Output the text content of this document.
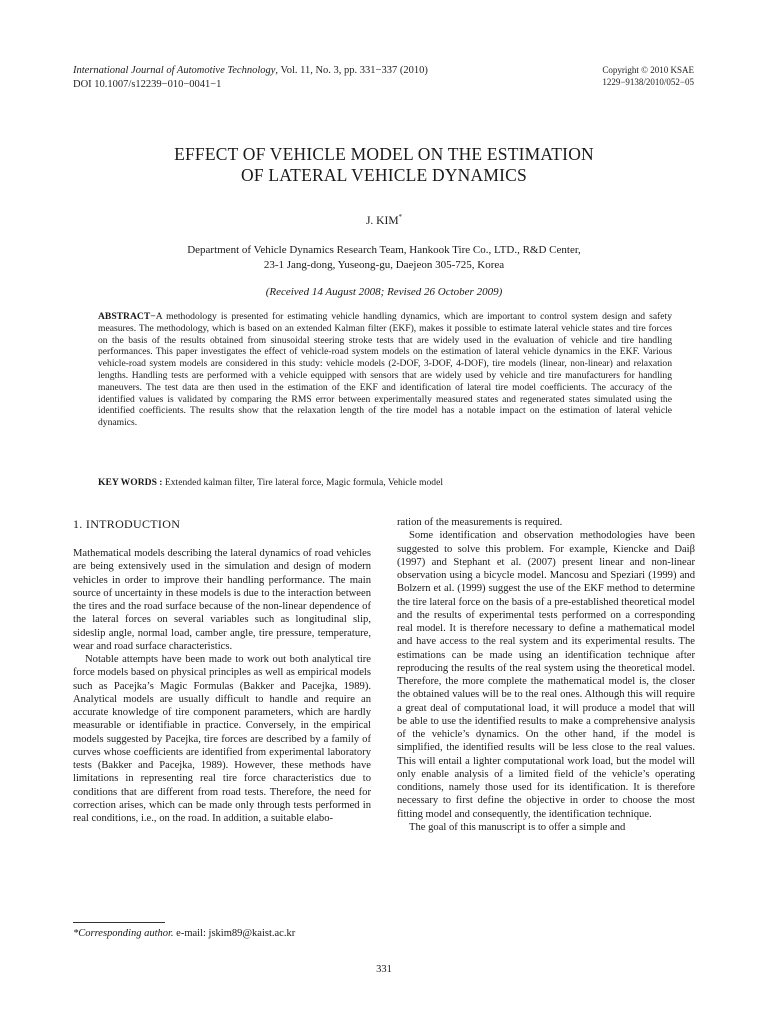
International Journal of Automotive Technology, Vol. 11, No. 3, pp. 331−337 (2010)
DOI 10.1007/s12239−010−0041−1
Copyright © 2010 KSAE
1229−9138/2010/052−05
EFFECT OF VEHICLE MODEL ON THE ESTIMATION
OF LATERAL VEHICLE DYNAMICS
J. KIM*
Department of Vehicle Dynamics Research Team, Hankook Tire Co., LTD., R&D Center,
23-1 Jang-dong, Yuseong-gu, Daejeon 305-725, Korea
(Received 14 August 2008; Revised 26 October 2009)
ABSTRACT−A methodology is presented for estimating vehicle handling dynamics, which are important to control system design and safety measures. The methodology, which is based on an extended Kalman filter (EKF), makes it possible to estimate lateral vehicle states and tire forces on the basis of the results obtained from sinusoidal steering stroke tests that are widely used in the evaluation of vehicle and tire handling performances. This paper investigates the effect of vehicle-road system models on the estimation of lateral vehicle dynamics in the EKF. Various vehicle-road system models are considered in this study: vehicle models (2-DOF, 3-DOF, 4-DOF), tire models (linear, non-linear) and relaxation lengths. Handling tests are performed with a vehicle equipped with sensors that are widely used by vehicle and tire manufacturers for handling maneuvers. The test data are then used in the estimation of the EKF and identification of lateral tire model coefficients. The accuracy of the identified values is validated by comparing the RMS error between experimentally measured states and regenerated states simulated using the identified coefficients. The results show that the relaxation length of the tire model has a notable impact on the estimation of lateral vehicle dynamics.
KEY WORDS : Extended kalman filter, Tire lateral force, Magic formula, Vehicle model
1. INTRODUCTION

Mathematical models describing the lateral dynamics of road vehicles are being extensively used in the simulation and design of modern vehicles in order to improve their handling performance. The main source of uncertainty in these models is due to the interaction between the tires and the road surface because of the non-linear dependence of the lateral forces on several variables such as longitudinal slip, sideslip angle, normal load, camber angle, tire pressure, temperature, wear and road surface characteristics.

Notable attempts have been made to work out both analytical tire force models based on physical principles as well as empirical models such as Pacejka’s Magic Formulas (Bakker and Pacejka, 1989). Analytical models are usually difficult to handle and require an accurate knowledge of tire component parameters, which are hardly measurable or identifiable in practice. Conversely, in the empirical models suggested by Pacejka, tire forces are described by a family of curves whose coefficients are identified from experimental laboratory tests (Bakker and Pacejka, 1989). However, these methods have limitations in representing real tire force characteristics due to conditions that are different from road tests. Therefore, the need for correction arises, which can be made only through tests performed in real conditions, i.e., on the road. In addition, a suitable elabo-

ration of the measurements is required.

Some identification and observation methodologies have been suggested to solve this problem. For example, Kiencke and Daiβ (1997) and Stephant et al. (2007) present linear and non-linear observation using a bicycle model. Mancosu and Speziari (1999) and Bolzern et al. (1999) suggest the use of the EKF method to determine the tire lateral force on the basis of a pre-established theoretical model and the results of experimental tests performed on a corresponding real model. It is therefore necessary to define a mathematical model and have access to the real system and its experimental results. The estimations can be made using an identification technique after reproducing the results of the real system using the theoretical model. Therefore, the more complete the mathematical model is, the closer the obtained values will be to the real ones. Although this will require a great deal of computational load, it will produce a model that will be able to use the identified results to make a comprehensive analysis of the vehicle’s dynamics. On the other hand, if the model is simplified, the identified results will be less close to the real values. This will entail a lighter computational work load, but the model will only enable analysis of a limited field of the vehicle’s operating conditions, namely those used for its identification. It is therefore necessary to first define the objective in order to choose the most fitting model and consequently, the identification technique.

The goal of this manuscript is to offer a simple and

*Corresponding author. e-mail: jskim89@kaist.ac.kr
331
